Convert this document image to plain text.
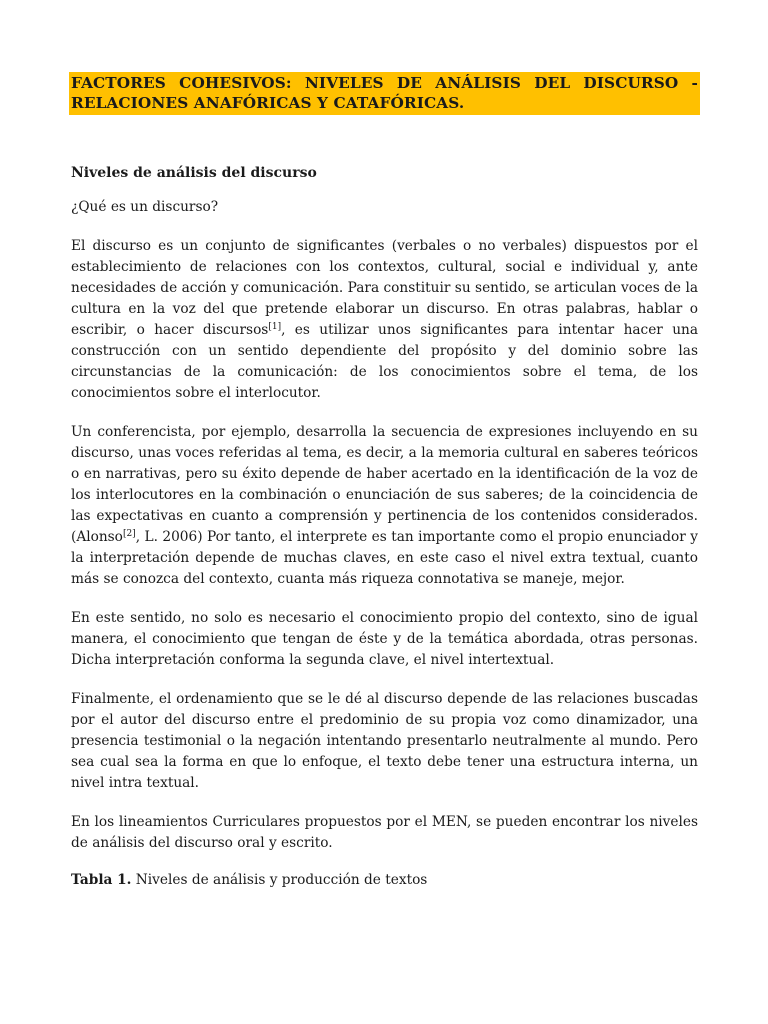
FACTORES COHESIVOS: NIVELES DE ANÁLISIS DEL DISCURSO - RELACIONES ANAFÓRICAS Y CATAFÓRICAS.
Niveles de análisis del discurso

¿Qué es un discurso?

El discurso es un conjunto de significantes (verbales o no verbales) dispuestos por el establecimiento de relaciones con los contextos, cultural, social e individual y, ante necesidades de acción y comunicación. Para constituir su sentido, se articulan voces de la cultura en la voz del que pretende elaborar un discurso. En otras palabras, hablar o escribir, o hacer discursos[1], es utilizar unos significantes para intentar hacer una construcción con un sentido dependiente del propósito y del dominio sobre las circunstancias de la comunicación: de los conocimientos sobre el tema, de los conocimientos sobre el interlocutor.

Un conferencista, por ejemplo, desarrolla la secuencia de expresiones incluyendo en su discurso, unas voces referidas al tema, es decir, a la memoria cultural en saberes teóricos o en narrativas, pero su éxito depende de haber acertado en la identificación de la voz de los interlocutores en la combinación o enunciación de sus saberes; de la coincidencia de las expectativas en cuanto a comprensión y pertinencia de los contenidos considerados. (Alonso[2], L. 2006) Por tanto, el interprete es tan importante como el propio enunciador y la interpretación depende de muchas claves, en este caso el nivel extra textual, cuanto más se conozca del contexto, cuanta más riqueza connotativa se maneje, mejor.

En este sentido, no solo es necesario el conocimiento propio del contexto, sino de igual manera, el conocimiento que tengan de éste y de la temática abordada, otras personas. Dicha interpretación conforma la segunda clave, el nivel intertextual.

Finalmente, el ordenamiento que se le dé al discurso depende de las relaciones buscadas por el autor del discurso entre el predominio de su propia voz como dinamizador, una presencia testimonial o la negación intentando presentarlo neutralmente al mundo. Pero sea cual sea la forma en que lo enfoque, el texto debe tener una estructura interna, un nivel intra textual.

En los lineamientos Curriculares propuestos por el MEN, se pueden encontrar los niveles de análisis del discurso oral y escrito.

Tabla 1. Niveles de análisis y producción de textos
